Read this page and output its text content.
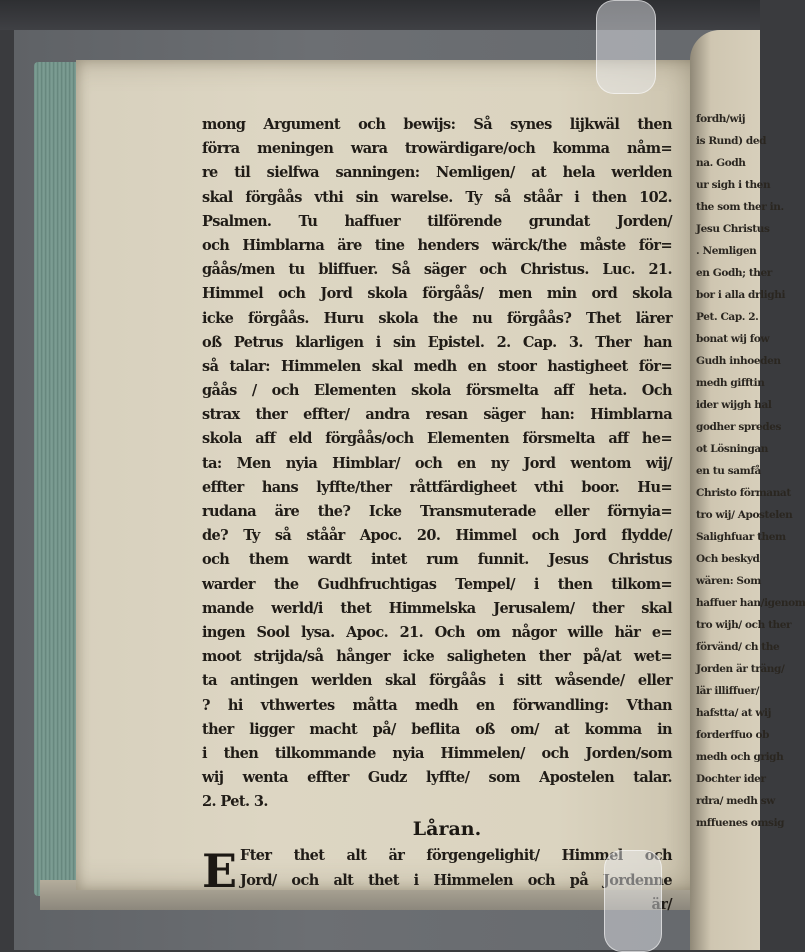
mong Argument och bewijs: Så synes lijkwäl then
förra meningen wara trowärdigare/och komma nåm=
re til sielfwa sanningen: Nemligen/ at hela werlden
skal förgåås vthi sin warelse. Ty så ståår i then 102.
Psalmen. Tu haffuer tilförende grundat Jorden/
och Himblarna äre tine henders wärck/the måste för=
gåås/men tu bliffuer. Så säger och Christus. Luc. 21.
Himmel och Jord skola förgåås/ men min ord skola
icke förgåås. Huru skola the nu förgåås? Thet lärer
oß Petrus klarligen i sin Epistel. 2. Cap. 3. Ther han
så talar: Himmelen skal medh en stoor hastigheet för=
gåås / och Elementen skola försmelta aff heta. Och
strax ther effter/ andra resan säger han: Himblarna
skola aff eld förgåås/och Elementen försmelta aff he=
ta: Men nyia Himblar/ och en ny Jord wentom wij/
effter hans lyffte/ther råttfärdigheet vthi boor. Hu=
rudana äre the? Icke Transmuterade eller förnyia=
de? Ty så ståår Apoc. 20. Himmel och Jord flydde/
och them wardt intet rum funnit. Jesus Christus
warder the Gudhfruchtigas Tempel/ i then tilkom=
mande werld/i thet Himmelska Jerusalem/ ther skal
ingen Sool lysa. Apoc. 21. Och om någor wille här e=
moot strijda/så hånger icke saligheten ther på/at wet=
ta antingen werlden skal förgåås i sitt wåsende/ eller
? hi vthwertes måtta medh en förwandling: Vthan
ther ligger macht på/ beflita oß om/ at komma in
i then tilkommande nyia Himmelen/ och Jorden/som
wij wenta effter Gudz lyffte/ som Apostelen talar.
2. Pet. 3.
Låran.
E Fter thet alt är förgengelighit/ Himmel och
Jord/ och alt thet i Himmelen och på Jordenne
är/
fordh/wij
is Rund) ded
na. Godh
ur sigh i then
the som ther in.
Jesu Christus
. Nemligen
en Godh; ther
bor i alla drlighi
Pet. Cap. 2.
bonat wij fow
Gudh inhoeden
medh gifftin
ider wijgh hal
godher spredes
ot Lösningan
en tu samfå
Christo förmanat
tro wij/ Apostelen
Salighfuar them
Och beskyd
wären: Som
haffuer han/igenom
tro wijh/ och ther
förvänd/ ch the
Jorden är träng/
lär illiffuer/
hafstta/ at wij
forderffuo ob
medh och grigh
Dochter ider
rdra/ medh sw
mffuenes omsig
